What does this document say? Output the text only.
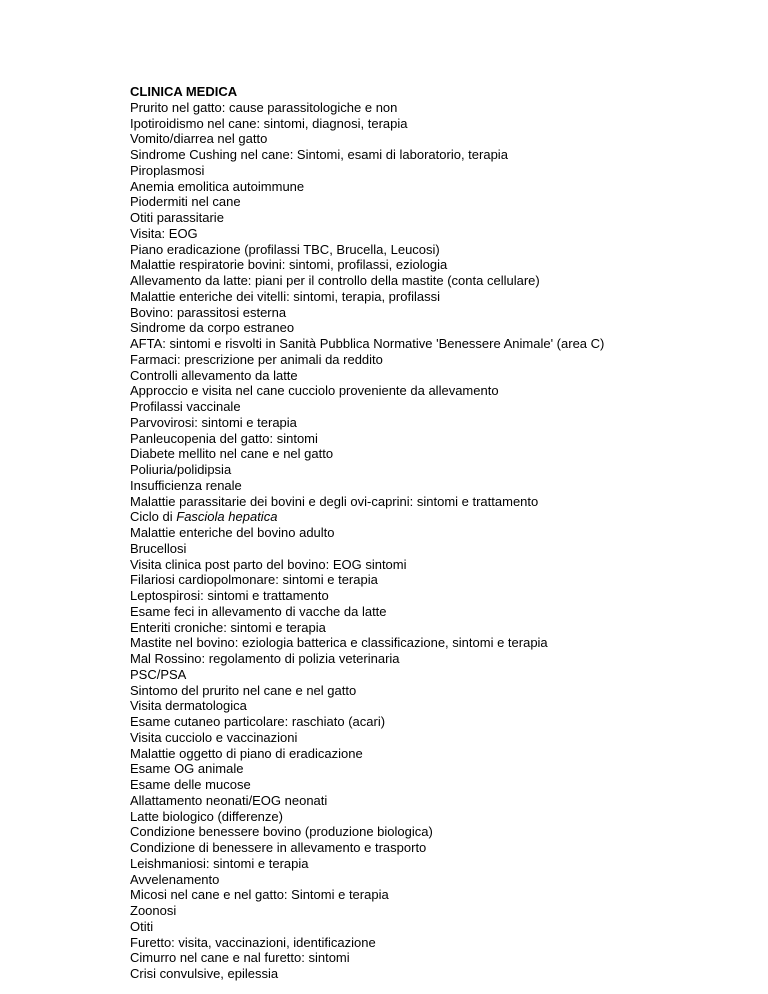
CLINICA MEDICA
Prurito nel gatto: cause parassitologiche e non
Ipotiroidismo nel cane: sintomi, diagnosi, terapia
Vomito/diarrea nel gatto
Sindrome Cushing nel cane: Sintomi, esami di laboratorio, terapia
Piroplasmosi
Anemia emolitica autoimmune
Piodermiti nel cane
Otiti parassitarie
Visita: EOG
Piano eradicazione (profilassi TBC, Brucella, Leucosi)
Malattie respiratorie bovini: sintomi, profilassi, eziologia
Allevamento da latte: piani per il controllo della mastite (conta cellulare)
Malattie enteriche dei vitelli: sintomi, terapia, profilassi
Bovino: parassitosi esterna
Sindrome da corpo estraneo
AFTA: sintomi e risvolti in Sanità Pubblica Normative 'Benessere Animale' (area C)
Farmaci: prescrizione per animali da reddito
Controlli allevamento da latte
Approccio e visita nel cane cucciolo proveniente da allevamento
Profilassi vaccinale
Parvovirosi: sintomi e terapia
Panleucopenia del gatto: sintomi
Diabete mellito nel cane e nel gatto
Poliuria/polidipsia
Insufficienza renale
Malattie parassitarie dei bovini e degli ovi-caprini: sintomi e trattamento
Ciclo di Fasciola hepatica
Malattie enteriche del bovino adulto
Brucellosi
Visita clinica post parto del bovino: EOG sintomi
Filariosi cardiopolmonare: sintomi e terapia
Leptospirosi: sintomi e trattamento
Esame feci in allevamento di vacche da latte
Enteriti croniche: sintomi e terapia
Mastite nel bovino: eziologia batterica e classificazione, sintomi e terapia
Mal Rossino: regolamento di polizia veterinaria
PSC/PSA
Sintomo del prurito nel cane e nel gatto
Visita dermatologica
Esame cutaneo particolare: raschiato (acari)
Visita cucciolo e vaccinazioni
Malattie oggetto di piano di eradicazione
Esame OG animale
Esame delle mucose
Allattamento neonati/EOG neonati
Latte biologico (differenze)
Condizione benessere bovino (produzione biologica)
Condizione di benessere in allevamento e trasporto
Leishmaniosi: sintomi e terapia
Avvelenamento
Micosi nel cane e nel gatto: Sintomi e terapia
Zoonosi
Otiti
Furetto: visita, vaccinazioni, identificazione
Cimurro nel cane e nal furetto: sintomi
Crisi convulsive, epilessia
